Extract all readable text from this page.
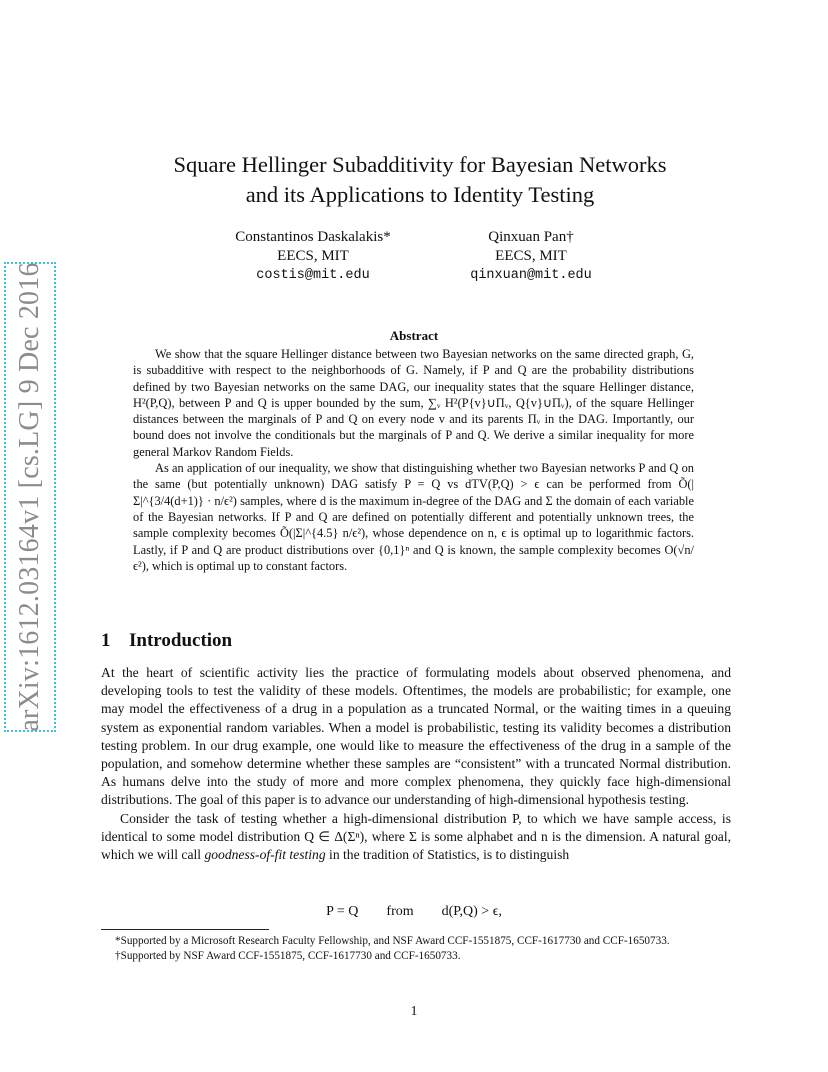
arXiv:1612.03164v1 [cs.LG] 9 Dec 2016
Square Hellinger Subadditivity for Bayesian Networks
and its Applications to Identity Testing
Constantinos Daskalakis*
EECS, MIT
costis@mit.edu
Qinxuan Pan†
EECS, MIT
qinxuan@mit.edu
Abstract

We show that the square Hellinger distance between two Bayesian networks on the same directed graph, G, is subadditive with respect to the neighborhoods of G. Namely, if P and Q are the probability distributions defined by two Bayesian networks on the same DAG, our inequality states that the square Hellinger distance, H²(P,Q), between P and Q is upper bounded by the sum, ∑ᵥ H²(P{v}∪Πᵥ, Q{v}∪Πᵥ), of the square Hellinger distances between the marginals of P and Q on every node v and its parents Πᵥ in the DAG. Importantly, our bound does not involve the conditionals but the marginals of P and Q. We derive a similar inequality for more general Markov Random Fields.

As an application of our inequality, we show that distinguishing whether two Bayesian networks P and Q on the same (but potentially unknown) DAG satisfy P = Q vs dTV(P,Q) > ϵ can be performed from Õ(|Σ|^{3/4(d+1)} · n/ϵ²) samples, where d is the maximum in-degree of the DAG and Σ the domain of each variable of the Bayesian networks. If P and Q are defined on potentially different and potentially unknown trees, the sample complexity becomes Õ(|Σ|^{4.5} n/ϵ²), whose dependence on n, ϵ is optimal up to logarithmic factors. Lastly, if P and Q are product distributions over {0,1}ⁿ and Q is known, the sample complexity becomes O(√n/ϵ²), which is optimal up to constant factors.

1 Introduction

At the heart of scientific activity lies the practice of formulating models about observed phenomena, and developing tools to test the validity of these models. Oftentimes, the models are probabilistic; for example, one may model the effectiveness of a drug in a population as a truncated Normal, or the waiting times in a queuing system as exponential random variables. When a model is probabilistic, testing its validity becomes a distribution testing problem. In our drug example, one would like to measure the effectiveness of the drug in a sample of the population, and somehow determine whether these samples are “consistent” with a truncated Normal distribution. As humans delve into the study of more and more complex phenomena, they quickly face high-dimensional distributions. The goal of this paper is to advance our understanding of high-dimensional hypothesis testing.

Consider the task of testing whether a high-dimensional distribution P, to which we have sample access, is identical to some model distribution Q ∈ Δ(Σⁿ), where Σ is some alphabet and n is the dimension. A natural goal, which we will call goodness-of-fit testing in the tradition of Statistics, is to distinguish

P = Q from d(P,Q) > ϵ,

*Supported by a Microsoft Research Faculty Fellowship, and NSF Award CCF-1551875, CCF-1617730 and CCF-1650733.

†Supported by NSF Award CCF-1551875, CCF-1617730 and CCF-1650733.

1
